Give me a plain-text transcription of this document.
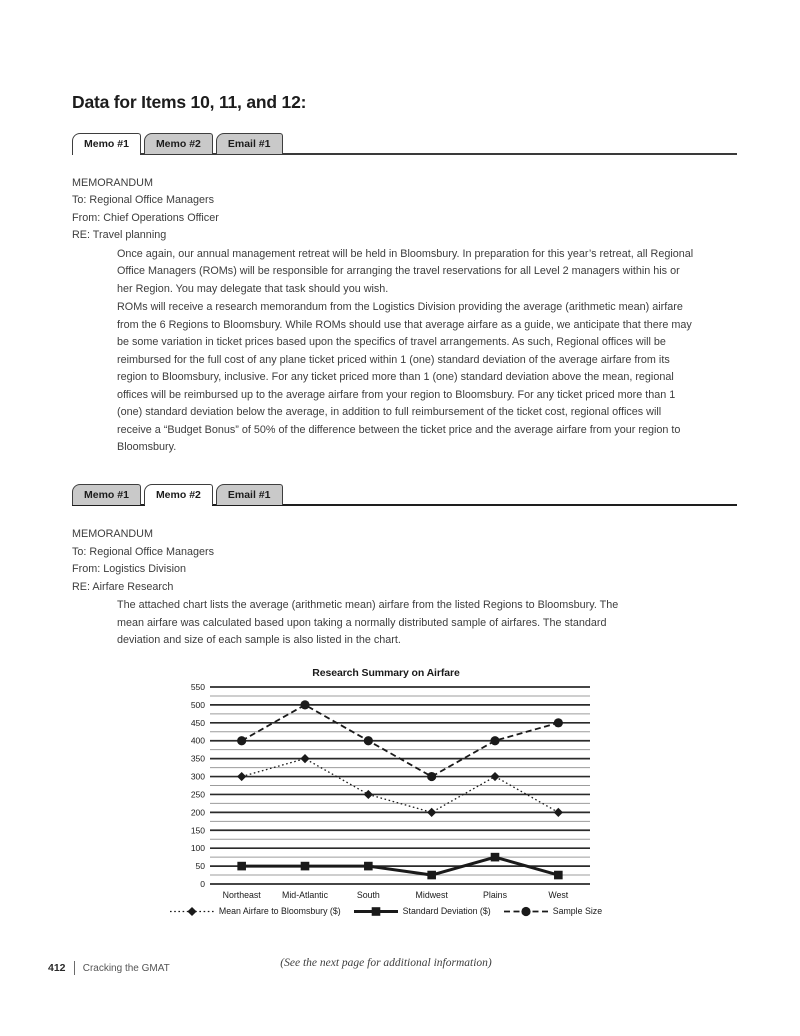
Data for Items 10, 11, and 12:
Memo #1	Memo #2	Email #1
MEMORANDUM
To: Regional Office Managers
From: Chief Operations Officer
RE: Travel planning

Once again, our annual management retreat will be held in Bloomsbury. In preparation for this year’s retreat, all Regional Office Managers (ROMs) will be responsible for arranging the travel reservations for all Level 2 managers within his or her Region. You may delegate that task should you wish.

ROMs will receive a research memorandum from the Logistics Division providing the average (arithmetic mean) airfare from the 6 Regions to Bloomsbury. While ROMs should use that average airfare as a guide, we anticipate that there may be some variation in ticket prices based upon the specifics of travel arrangements. As such, Regional offices will be reimbursed for the full cost of any plane ticket priced within 1 (one) standard deviation of the average airfare from its region to Bloomsbury, inclusive. For any ticket priced more than 1 (one) standard deviation above the mean, regional offices will be reimbursed up to the average airfare from your region to Bloomsbury. For any ticket priced more than 1 (one) standard deviation below the average, in addition to full reimbursement of the ticket cost, regional offices will receive a “Budget Bonus” of 50% of the difference between the ticket price and the average airfare from your region to Bloomsbury.

Memo #1	Memo #2	Email #1
MEMORANDUM
To: Regional Office Managers
From: Logistics Division
RE: Airfare Research

The attached chart lists the average (arithmetic mean) airfare from the listed Regions to Bloomsbury. The mean airfare was calculated based upon taking a normally distributed sample of airfares. The standard deviation and size of each sample is also listed in the chart.

Research Summary on Airfare
0
50
100
150
200
250
300
350
400
450
500
550
Northeast Mid-Atlantic	South	Midwest	Plains	West
Mean Airfare to Bloomsbury ($)	Standard Deviation ($)	Sample Size

(See the next page for additional information)

412 Cracking the GMAT
